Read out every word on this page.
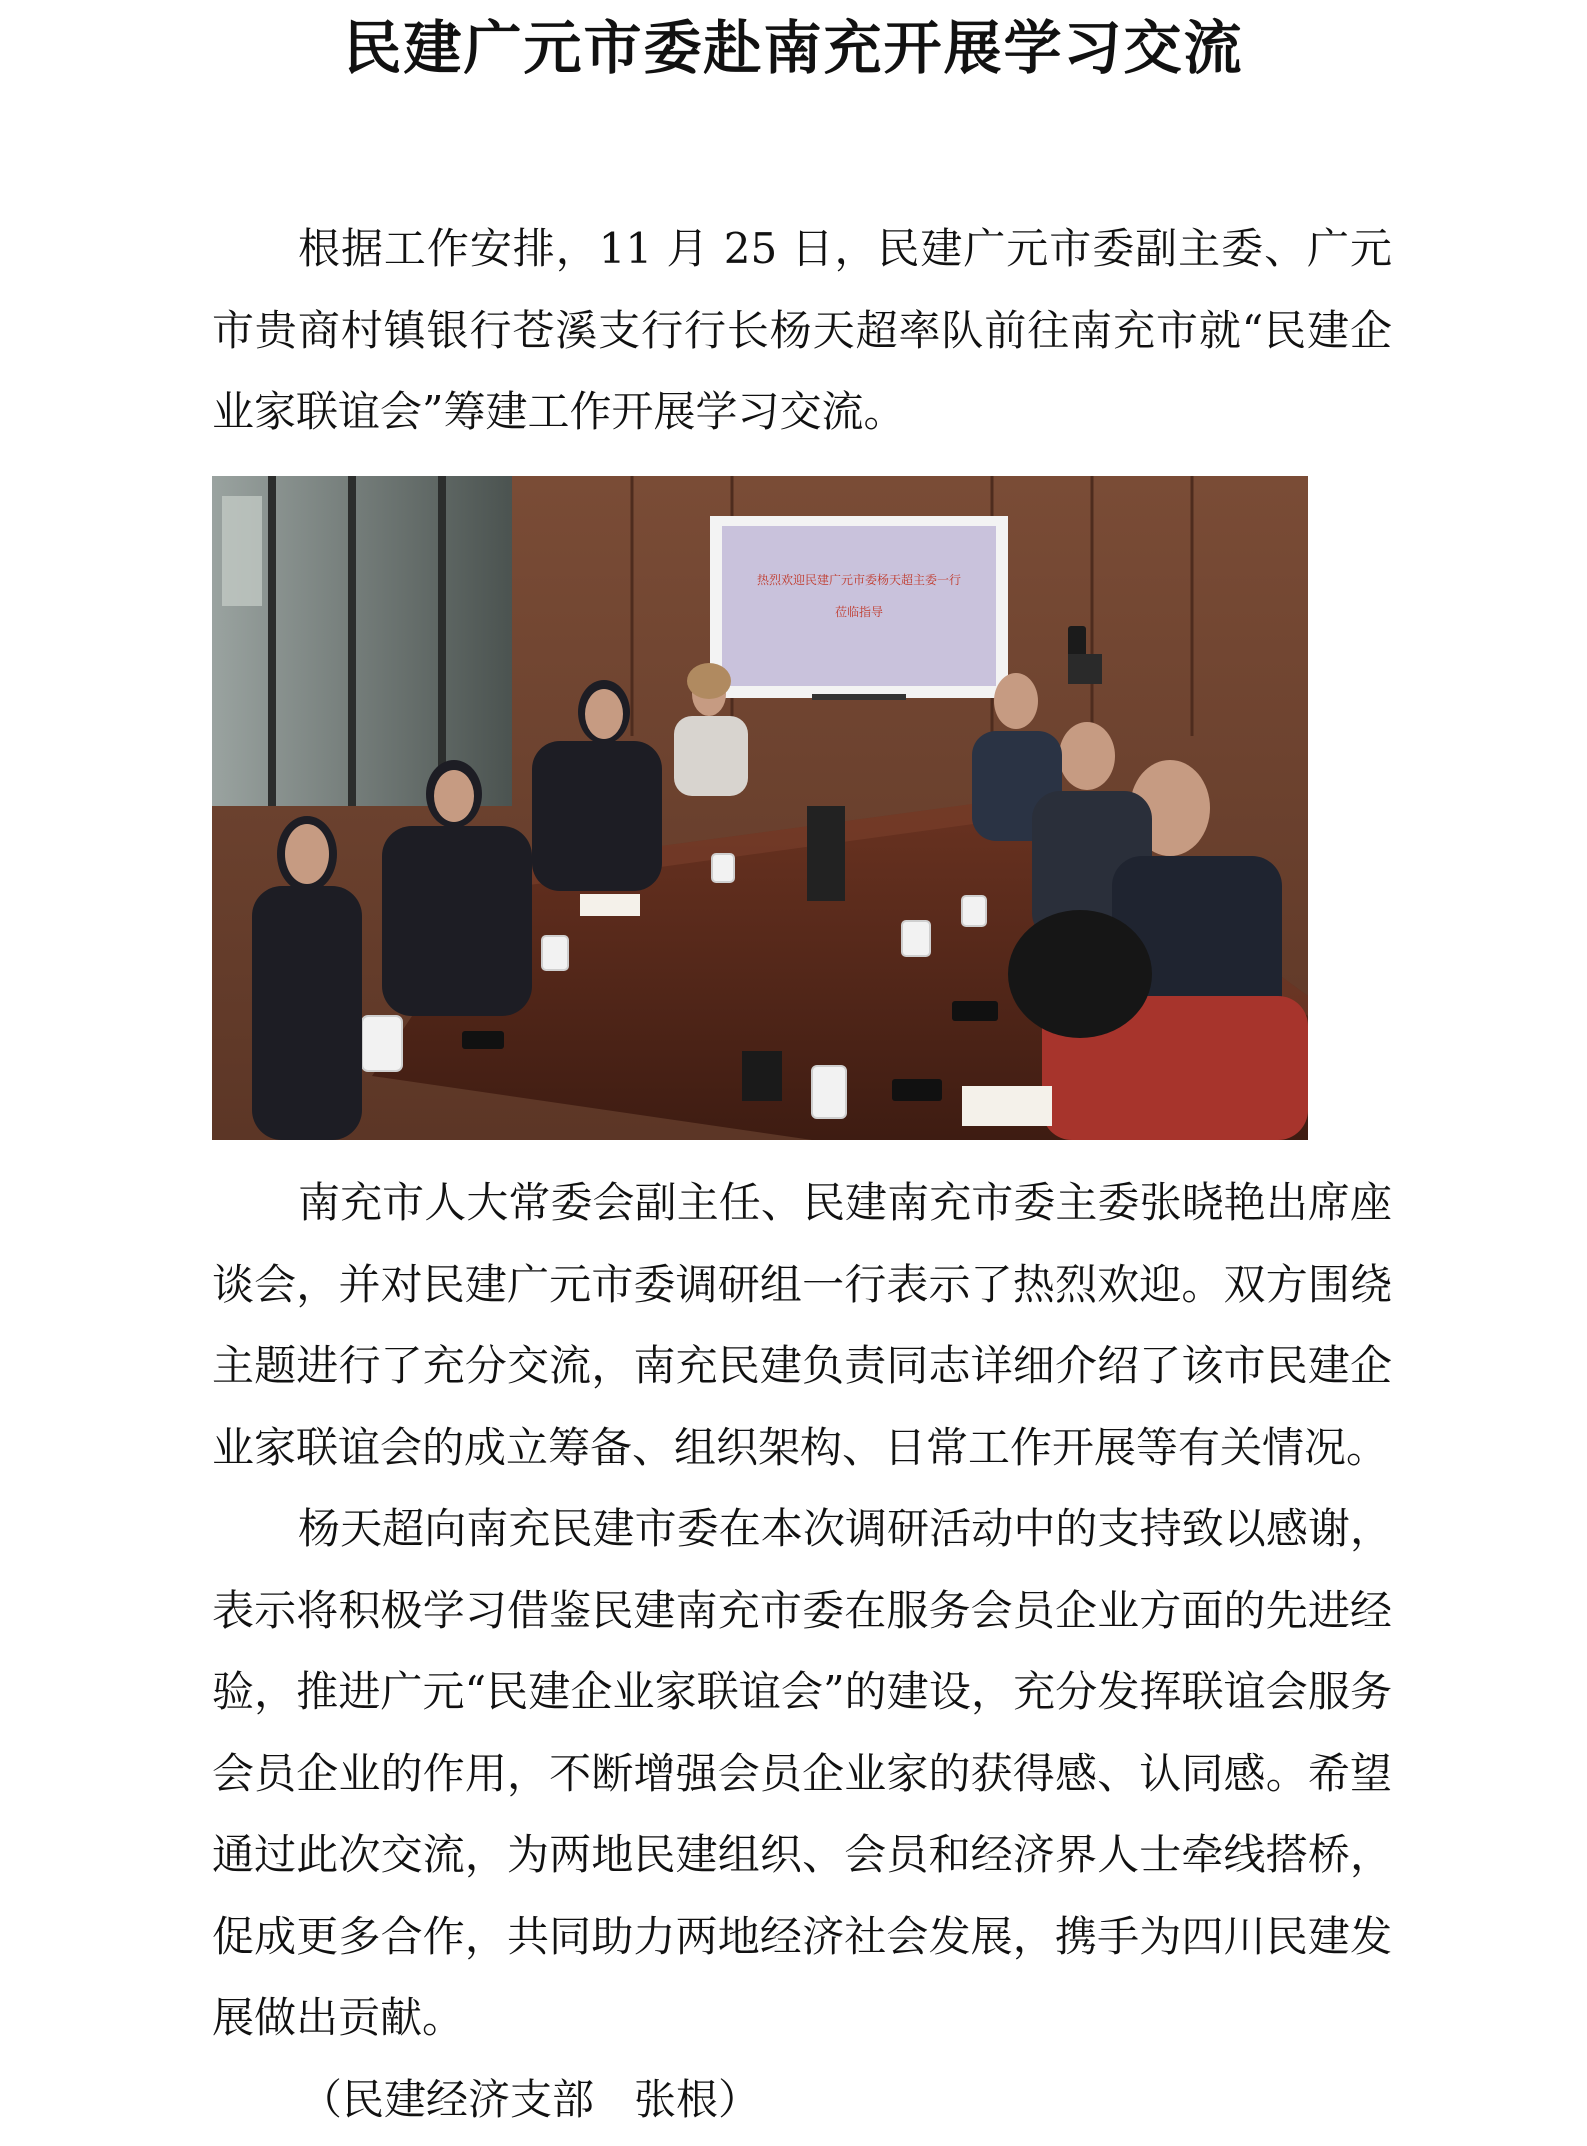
民建广元市委赴南充开展学习交流

根据工作安排，11 月 25 日，民建广元市委副主委、广元市贵商村镇银行苍溪支行行长杨天超率队前往南充市就“民建企业家联谊会”筹建工作开展学习交流。

热烈欢迎民建广元市委杨天超主委一行
莅临指导

南充市人大常委会副主任、民建南充市委主委张晓艳出席座谈会，并对民建广元市委调研组一行表示了热烈欢迎。双方围绕主题进行了充分交流，南充民建负责同志详细介绍了该市民建企业家联谊会的成立筹备、组织架构、日常工作开展等有关情况。

杨天超向南充民建市委在本次调研活动中的支持致以感谢，表示将积极学习借鉴民建南充市委在服务会员企业方面的先进经验，推进广元“民建企业家联谊会”的建设，充分发挥联谊会服务会员企业的作用，不断增强会员企业家的获得感、认同感。希望通过此次交流，为两地民建组织、会员和经济界人士牵线搭桥，促成更多合作，共同助力两地经济社会发展，携手为四川民建发展做出贡献。

（民建经济支部   张根）
